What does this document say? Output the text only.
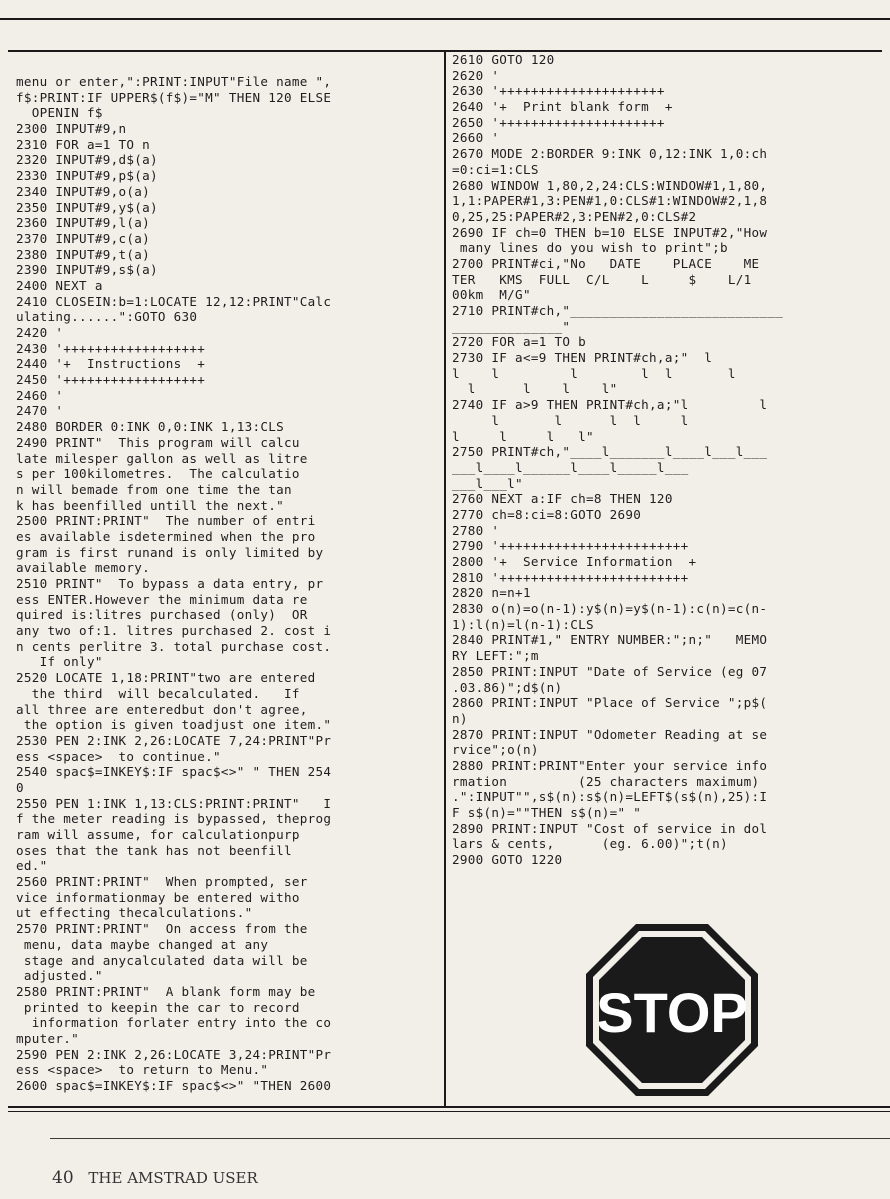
menu or enter,":PRINT:INPUT"File name ",
f$:PRINT:IF UPPER$(f$)="M" THEN 120 ELSE
OPENIN f$
2300 INPUT#9,n
2310 FOR a=1 TO n
2320 INPUT#9,d$(a)
2330 INPUT#9,p$(a)
2340 INPUT#9,o(a)
2350 INPUT#9,y$(a)
2360 INPUT#9,l(a)
2370 INPUT#9,c(a)
2380 INPUT#9,t(a)
2390 INPUT#9,s$(a)
2400 NEXT a
2410 CLOSEIN:b=1:LOCATE 12,12:PRINT"Calc
ulating......":GOTO 630
2420 '
2430 '++++++++++++++++++
2440 '+  Instructions  +
2450 '++++++++++++++++++
2460 '
2470 '
2480 BORDER 0:INK 0,0:INK 1,13:CLS
2490 PRINT"  This program will calcu
late milesper gallon as well as litre
s per 100kilometres.  The calculatio
n will bemade from one time the tan
k has beenfilled untill the next."
2500 PRINT:PRINT"  The number of entri
es available isdetermined when the pro
gram is first runand is only limited by
available memory.
2510 PRINT"  To bypass a data entry, pr
ess ENTER.However the minimum data re
quired is:litres purchased (only)  OR
any two of:1. litres purchased 2. cost i
n cents perlitre 3. total purchase cost.
If only"
2520 LOCATE 1,18:PRINT"two are entered
the third  will becalculated.   If
all three are enteredbut don't agree,
the option is given toadjust one item."
2530 PEN 2:INK 2,26:LOCATE 7,24:PRINT"Pr
ess <space>  to continue."
2540 spac$=INKEY$:IF spac$<>" " THEN 254
0
2550 PEN 1:INK 1,13:CLS:PRINT:PRINT"   I
f the meter reading is bypassed, theprog
ram will assume, for calculationpurp
oses that the tank has not beenfill
ed."
2560 PRINT:PRINT"  When prompted, ser
vice informationmay be entered witho
ut effecting thecalculations."
2570 PRINT:PRINT"  On access from the
menu, data maybe changed at any
stage and anycalculated data will be
adjusted."
2580 PRINT:PRINT"  A blank form may be
printed to keepin the car to record
information forlater entry into the co
mputer."
2590 PEN 2:INK 2,26:LOCATE 3,24:PRINT"Pr
ess <space>  to return to Menu."
2600 spac$=INKEY$:IF spac$<>" "THEN 2600
2610 GOTO 120
2620 '
2630 '+++++++++++++++++++++
2640 '+  Print blank form  +
2650 '+++++++++++++++++++++
2660 '
2670 MODE 2:BORDER 9:INK 0,12:INK 1,0:ch
=0:ci=1:CLS
2680 WINDOW 1,80,2,24:CLS:WINDOW#1,1,80,
1,1:PAPER#1,3:PEN#1,0:CLS#1:WINDOW#2,1,8
0,25,25:PAPER#2,3:PEN#2,0:CLS#2
2690 IF ch=0 THEN b=10 ELSE INPUT#2,"How
many lines do you wish to print";b
2700 PRINT#ci,"No   DATE    PLACE    ME
TER   KMS  FULL  C/L    L     $    L/1
00km  M/G"
2710 PRINT#ch,"___________________________
______________"
2720 FOR a=1 TO b
2730 IF a<=9 THEN PRINT#ch,a;"  l
l    l         l        l  l       l
l      l    l    l"
2740 IF a>9 THEN PRINT#ch,a;"l         l
l       l      l  l     l
l     l     l   l"
2750 PRINT#ch,"____l_______l____l___l___
___l____l______l____l_____l___
___l___l"
2760 NEXT a:IF ch=8 THEN 120
2770 ch=8:ci=8:GOTO 2690
2780 '
2790 '++++++++++++++++++++++++
2800 '+  Service Information  +
2810 '++++++++++++++++++++++++
2820 n=n+1
2830 o(n)=o(n-1):y$(n)=y$(n-1):c(n)=c(n-
1):l(n)=l(n-1):CLS
2840 PRINT#1," ENTRY NUMBER:";n;"   MEMO
RY LEFT:";m
2850 PRINT:INPUT "Date of Service (eg 07
.03.86)";d$(n)
2860 PRINT:INPUT "Place of Service ";p$(
n)
2870 PRINT:INPUT "Odometer Reading at se
rvice";o(n)
2880 PRINT:PRINT"Enter your service info
rmation         (25 characters maximum)
.":INPUT"",s$(n):s$(n)=LEFT$(s$(n),25):I
F s$(n)=""THEN s$(n)=" "
2890 PRINT:INPUT "Cost of service in dol
lars & cents,      (eg. 6.00)";t(n)
2900 GOTO 1220
STOP
40 THE AMSTRAD USER
